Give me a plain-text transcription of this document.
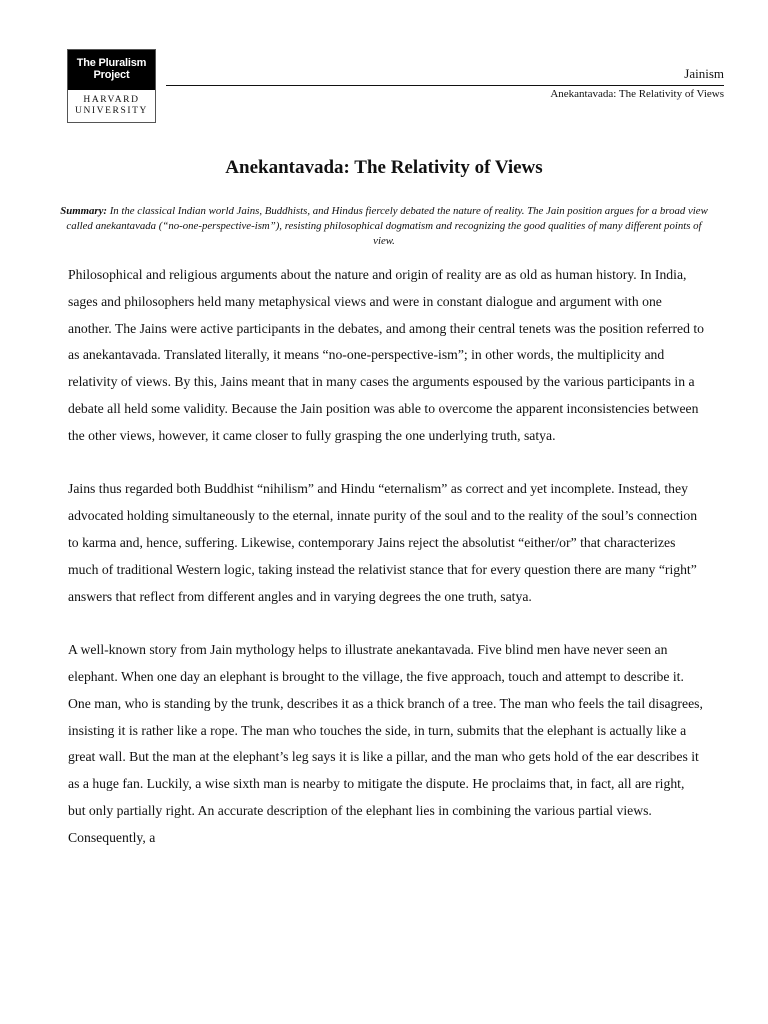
The Pluralism
Project
HARVARD
UNIVERSITY
Jainism
Anekantavada: The Relativity of Views
Anekantavada: The Relativity of Views
Summary: In the classical Indian world Jains, Buddhists, and Hindus fiercely debated the nature of reality. The Jain position argues for a broad view called anekantavada (“no-one-perspective-ism”), resisting philosophical dogmatism and recognizing the good qualities of many different points of view.

Philosophical and religious arguments about the nature and origin of reality are as old as human history. In India, sages and philosophers held many metaphysical views and were in constant dialogue and argument with one another. The Jains were active participants in the debates, and among their central tenets was the position referred to as anekantavada. Translated literally, it means “no-one-perspective-ism”; in other words, the multiplicity and relativity of views. By this, Jains meant that in many cases the arguments espoused by the various participants in a debate all held some validity. Because the Jain position was able to overcome the apparent inconsistencies between the other views, however, it came closer to fully grasping the one underlying truth, satya.

Jains thus regarded both Buddhist “nihilism” and Hindu “eternalism” as correct and yet incomplete. Instead, they advocated holding simultaneously to the eternal, innate purity of the soul and to the reality of the soul’s connection to karma and, hence, suffering. Likewise, contemporary Jains reject the absolutist “either/or” that characterizes much of traditional Western logic, taking instead the relativist stance that for every question there are many “right” answers that reflect from different angles and in varying degrees the one truth, satya.

A well-known story from Jain mythology helps to illustrate anekantavada. Five blind men have never seen an elephant. When one day an elephant is brought to the village, the five approach, touch and attempt to describe it. One man, who is standing by the trunk, describes it as a thick branch of a tree. The man who feels the tail disagrees, insisting it is rather like a rope. The man who touches the side, in turn, submits that the elephant is actually like a great wall. But the man at the elephant’s leg says it is like a pillar, and the man who gets hold of the ear describes it as a huge fan. Luckily, a wise sixth man is nearby to mitigate the dispute. He proclaims that, in fact, all are right, but only partially right. An accurate description of the elephant lies in combining the various partial views. Consequently, a
